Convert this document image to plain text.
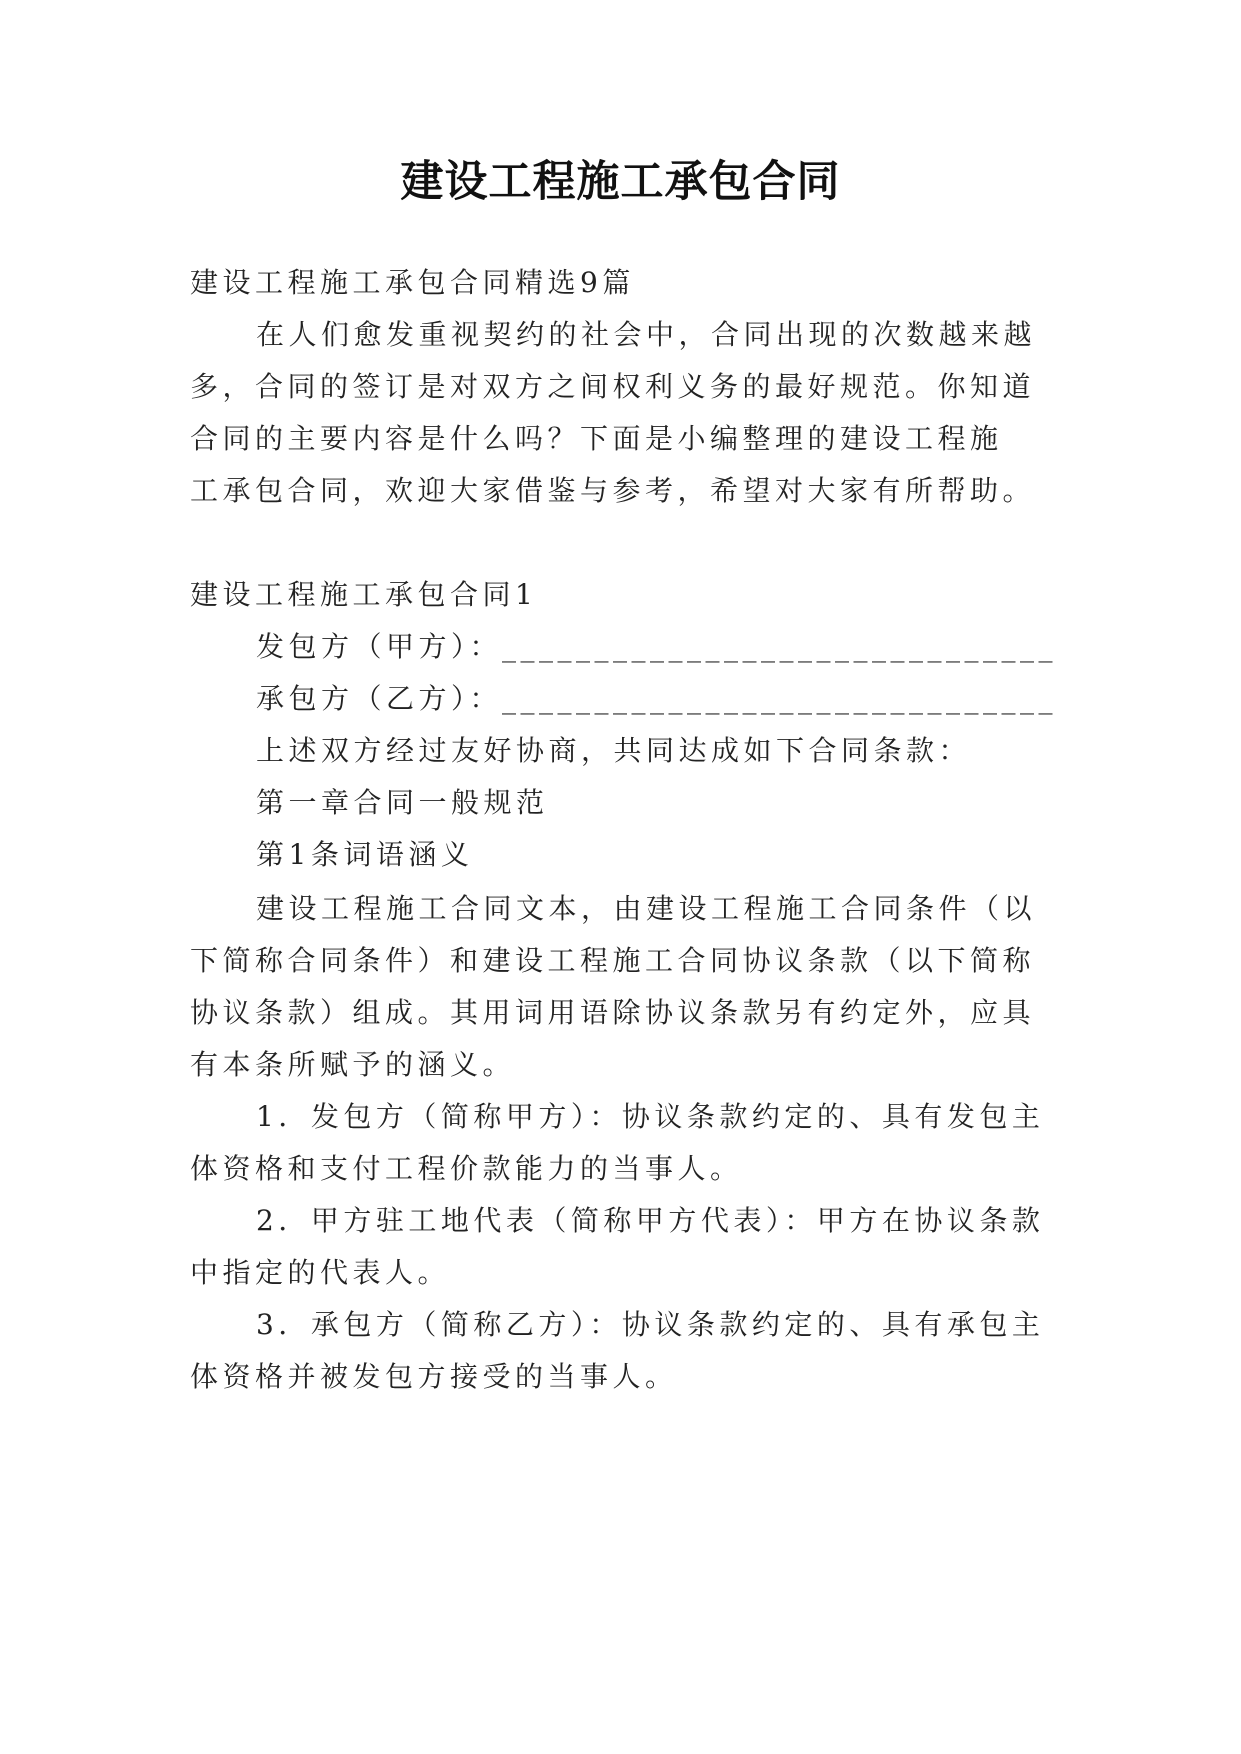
建设工程施工承包合同
建设工程施工承包合同精选9篇
在人们愈发重视契约的社会中，合同出现的次数越来越
多，合同的签订是对双方之间权利义务的最好规范。你知道
合同的主要内容是什么吗？下面是小编整理的建设工程施
工承包合同，欢迎大家借鉴与参考，希望对大家有所帮助。
建设工程施工承包合同1
发包方（甲方）：______________________________
承包方（乙方）：______________________________
上述双方经过友好协商，共同达成如下合同条款：
第一章合同一般规范
第1条词语涵义
建设工程施工合同文本，由建设工程施工合同条件（以
下简称合同条件）和建设工程施工合同协议条款（以下简称
协议条款）组成。其用词用语除协议条款另有约定外，应具
有本条所赋予的涵义。
1．发包方（简称甲方）：协议条款约定的、具有发包主
体资格和支付工程价款能力的当事人。
2．甲方驻工地代表（简称甲方代表）：甲方在协议条款
中指定的代表人。
3．承包方（简称乙方）：协议条款约定的、具有承包主
体资格并被发包方接受的当事人。
